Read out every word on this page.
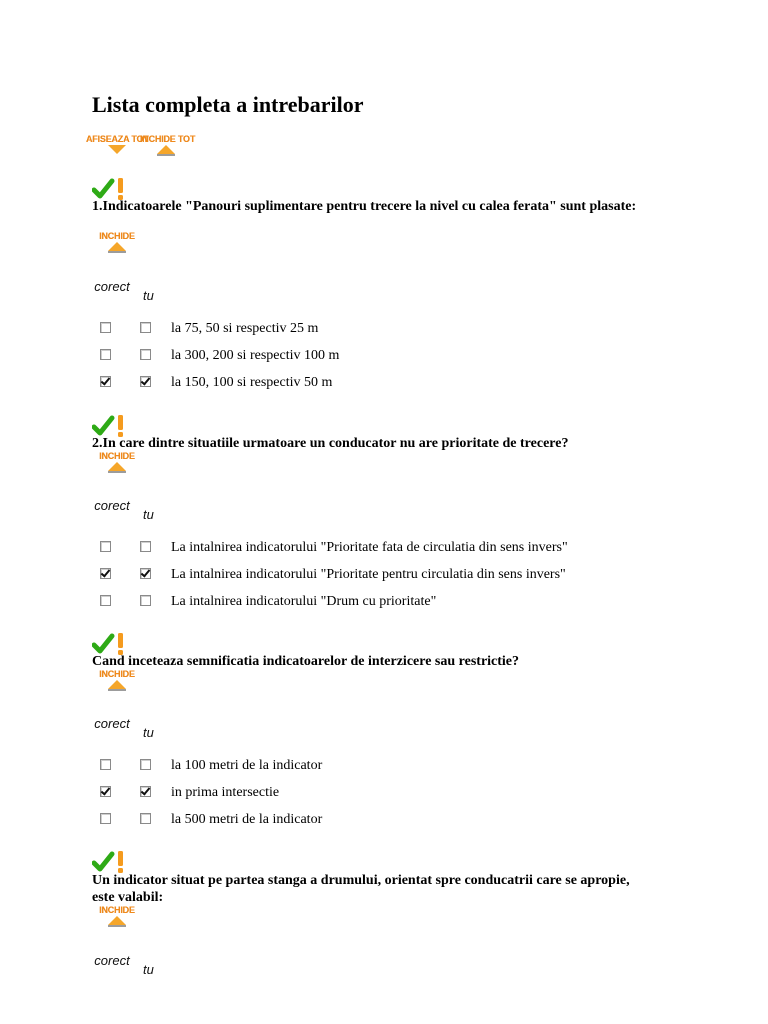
Lista completa a intrebarilor
AFISEAZA TOT
INCHIDE TOT
1.Indicatoarele "Panouri suplimentare pentru trecere la nivel cu calea ferata" sunt plasate:
INCHIDE
corect
tu
la 75, 50 si respectiv 25 m
la 300, 200 si respectiv 100 m
la 150, 100 si respectiv 50 m
2.In care dintre situatiile urmatoare un conducator nu are prioritate de trecere?
INCHIDE
corect
tu
La intalnirea indicatorului "Prioritate fata de circulatia din sens invers"
La intalnirea indicatorului "Prioritate pentru circulatia din sens invers"
La intalnirea indicatorului "Drum cu prioritate"
Cand inceteaza semnificatia indicatoarelor de interzicere sau restrictie?
INCHIDE
corect
tu
la 100 metri de la indicator
in prima intersectie
la 500 metri de la indicator
Un indicator situat pe partea stanga a drumului, orientat spre conducatrii care se apropie, este valabil:
INCHIDE
corect
tu
